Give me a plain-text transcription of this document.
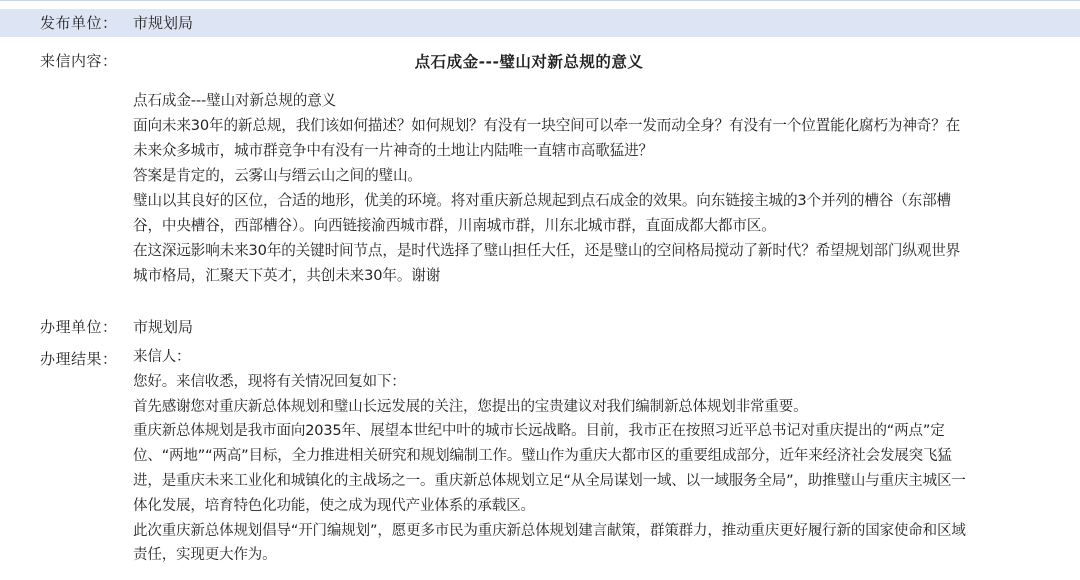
发布单位：	市规划局
来信内容：	点石成金---璧山对新总规的意义
点石成金---璧山对新总规的意义
面向未来30年的新总规，我们该如何描述？如何规划？有没有一块空间可以牵一发而动全身？有没有一个位置能化腐朽为神奇？在
未来众多城市，城市群竞争中有没有一片神奇的土地让内陆唯一直辖市高歌猛进？
答案是肯定的，云雾山与缙云山之间的璧山。
璧山以其良好的区位，合适的地形，优美的环境。将对重庆新总规起到点石成金的效果。向东链接主城的3个并列的槽谷（东部槽
谷，中央槽谷，西部槽谷）。向西链接渝西城市群，川南城市群，川东北城市群，直面成都大都市区。
在这深远影响未来30年的关键时间节点，是时代选择了璧山担任大任，还是璧山的空间格局搅动了新时代？希望规划部门纵观世界
城市格局，汇聚天下英才，共创未来30年。谢谢
办理单位：	市规划局
办理结果：	来信人：
您好。来信收悉，现将有关情况回复如下：
首先感谢您对重庆新总体规划和璧山长远发展的关注，您提出的宝贵建议对我们编制新总体规划非常重要。
重庆新总体规划是我市面向2035年、展望本世纪中叶的城市长远战略。目前，我市正在按照习近平总书记对重庆提出的“两点”定
位、“两地”“两高”目标，全力推进相关研究和规划编制工作。璧山作为重庆大都市区的重要组成部分，近年来经济社会发展突飞猛
进，是重庆未来工业化和城镇化的主战场之一。重庆新总体规划立足“从全局谋划一域、以一域服务全局”，助推璧山与重庆主城区一
体化发展，培育特色化功能，使之成为现代产业体系的承载区。
此次重庆新总体规划倡导“开门编规划”，愿更多市民为重庆新总体规划建言献策，群策群力，推动重庆更好履行新的国家使命和区域
责任，实现更大作为。
